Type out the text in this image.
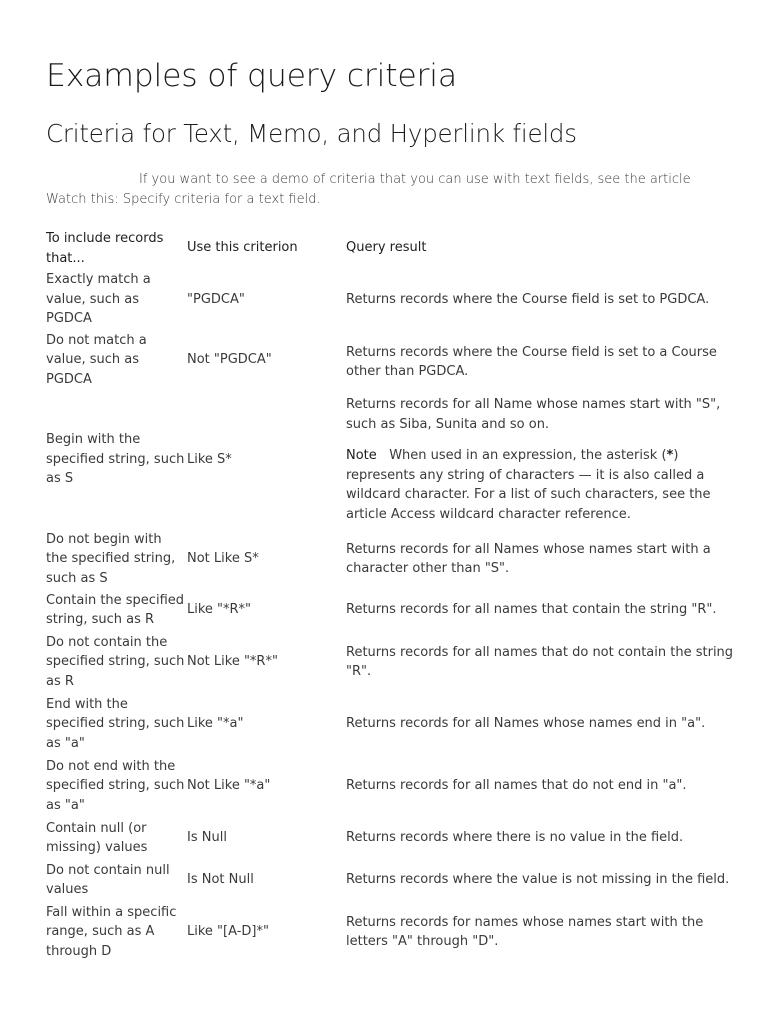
Examples of query criteria
Criteria for Text, Memo, and Hyperlink fields

If you want to see a demo of criteria that you can use with text fields, see the article
Watch this: Specify criteria for a text field.

To include records that...	Use this criterion	Query result
Exactly match a value, such as PGDCA	"PGDCA"	Returns records where the Course field is set to PGDCA.
Do not match a value, such as PGDCA	Not "PGDCA"	Returns records where the Course field is set to a Course other than PGDCA.
Begin with the specified string, such as S	Like S*	Returns records for all Name whose names start with "S", such as Siba, Sunita and so on.
Note When used in an expression, the asterisk (*) represents any string of characters — it is also called a wildcard character. For a list of such characters, see the article Access wildcard character reference.

Do not begin with the specified string, such as S	Not Like S*	Returns records for all Names whose names start with a character other than "S".
Contain the specified string, such as R	Like "*R*"	Returns records for all names that contain the string "R".
Do not contain the specified string, such as R	Not Like "*R*"	Returns records for all names that do not contain the string "R".
End with the specified string, such as "a"	Like "*a"	Returns records for all Names whose names end in "a".
Do not end with the specified string, such as "a"	Not Like "*a"	Returns records for all names that do not end in "a".
Contain null (or missing) values	Is Null	Returns records where there is no value in the field.
Do not contain null values	Is Not Null	Returns records where the value is not missing in the field.
Fall within a specific range, such as A through D	Like "[A-D]*"	Returns records for names whose names start with the letters "A" through "D".
